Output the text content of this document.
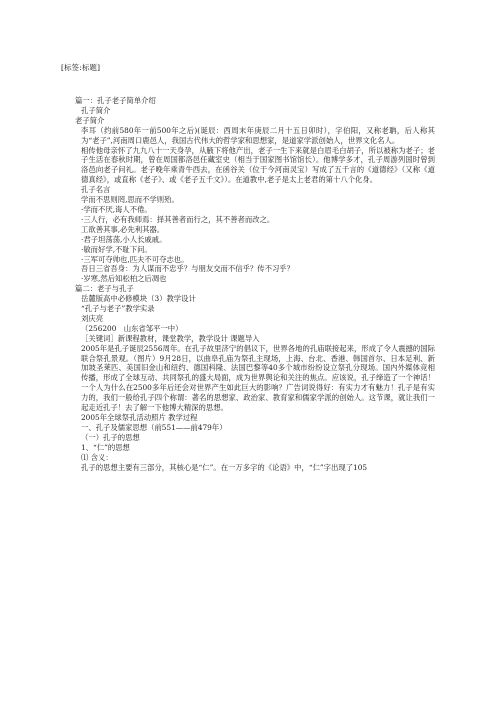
[标签:标题]
篇一：孔子老子简单介绍
孔子简介
老子简介
李耳（约前580年一前500年之后)(诞辰：西周末年庚辰二月十五日卯时），字伯阳，又称老聃，后人称其为“老子”,河南周口鹿邑人，我国古代伟大的哲学家和思想家，是道家学派创始人，世界文化名人。
相传他母亲怀了九九八十一天身孕，从腋下将他产出，老子一生下来就是白眉毛白胡子，所以被称为老子；老子生活在春秋时期，曾在周国都洛邑任藏室史（相当于国家图书馆馆长）。他博学多才，孔子周游列国时曾到洛邑向老子问礼。老子晚年乘青牛西去，在函谷关（位于今河南灵宝）写成了五千言的《道德经》（又称《道德真经》，或直称《老子》、或《老子五千文》）。在道教中,老子是太上老君的第十八个化身。
孔子名言
学而不思则罔,思而不学则殆。
·学而不厌,诲人不倦。
·三人行，必有我师焉：择其善者而行之，其不善者而改之。
工欲善其事,必先利其器。
·君子坦荡荡,小人长戚戚。
·敏而好学,不耻下问。
·三军可夺帅也,匹夫不可夺志也。
吾日三省吾身：为人谋而不忠乎？与朋友交而不信乎？传不习乎？
·岁寒,然后知松柏之后凋也
篇二：老子与孔子
岳麓版高中必修模块（3）教学设计
“孔子与老子”教学实录
刘庆亮
（256200　山东省邹平一中）
［关键词］新课程教材，课堂教学，教学设计 课题导入
2005年是孔子诞辰2556周年。在孔子故里济宁的倡议下，世界各地的孔庙联接起来，形成了令人震撼的国际联合祭孔景观。（图片）9月28日，以曲阜孔庙为祭孔主现场，上海、台北、香港、韩国首尔、日本足利、新加坡圣莱匹、美国旧金山和纽约、德国科隆、法国巴黎等40多个城市纷纷设立祭孔分现场。国内外媒体竞相传播，形成了全球互动、共同祭孔的盛大局面，成为世界舆论和关注的焦点。应该说，孔子缔造了一个神话！一个人为什么在2500多年后还会对世界产生如此巨大的影响？广告词说得好：有实力才有魅力！孔子是有实力的，我们一般给孔子四个称谓：著名的思想家、政治家、教育家和儒家学派的创始人。这节课，就让我们一起走近孔子！去了解一下他博大精深的思想。
2005年全球祭孔活动照片 教学过程
一、孔子及儒家思想（前551——前479年）
（一）孔子的思想
1、“仁”的思想
⑴ 含义：
孔子的思想主要有三部分，其核心是“仁”。在一万多字的《论语》中，“仁”字出现了105
